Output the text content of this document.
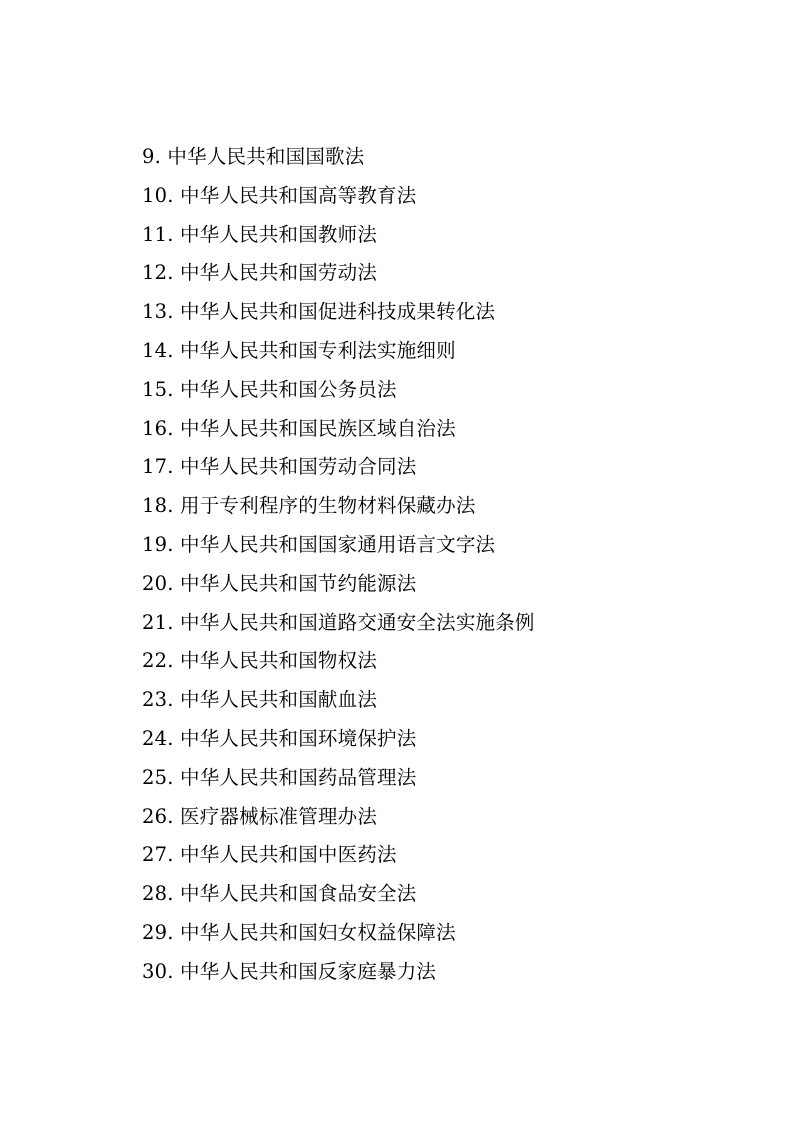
9. 中华人民共和国国歌法
10. 中华人民共和国高等教育法
11. 中华人民共和国教师法
12. 中华人民共和国劳动法
13. 中华人民共和国促进科技成果转化法
14. 中华人民共和国专利法实施细则
15. 中华人民共和国公务员法
16. 中华人民共和国民族区域自治法
17. 中华人民共和国劳动合同法
18. 用于专利程序的生物材料保藏办法
19. 中华人民共和国国家通用语言文字法
20. 中华人民共和国节约能源法
21. 中华人民共和国道路交通安全法实施条例
22. 中华人民共和国物权法
23. 中华人民共和国献血法
24. 中华人民共和国环境保护法
25. 中华人民共和国药品管理法
26. 医疗器械标准管理办法
27. 中华人民共和国中医药法
28. 中华人民共和国食品安全法
29. 中华人民共和国妇女权益保障法
30. 中华人民共和国反家庭暴力法
